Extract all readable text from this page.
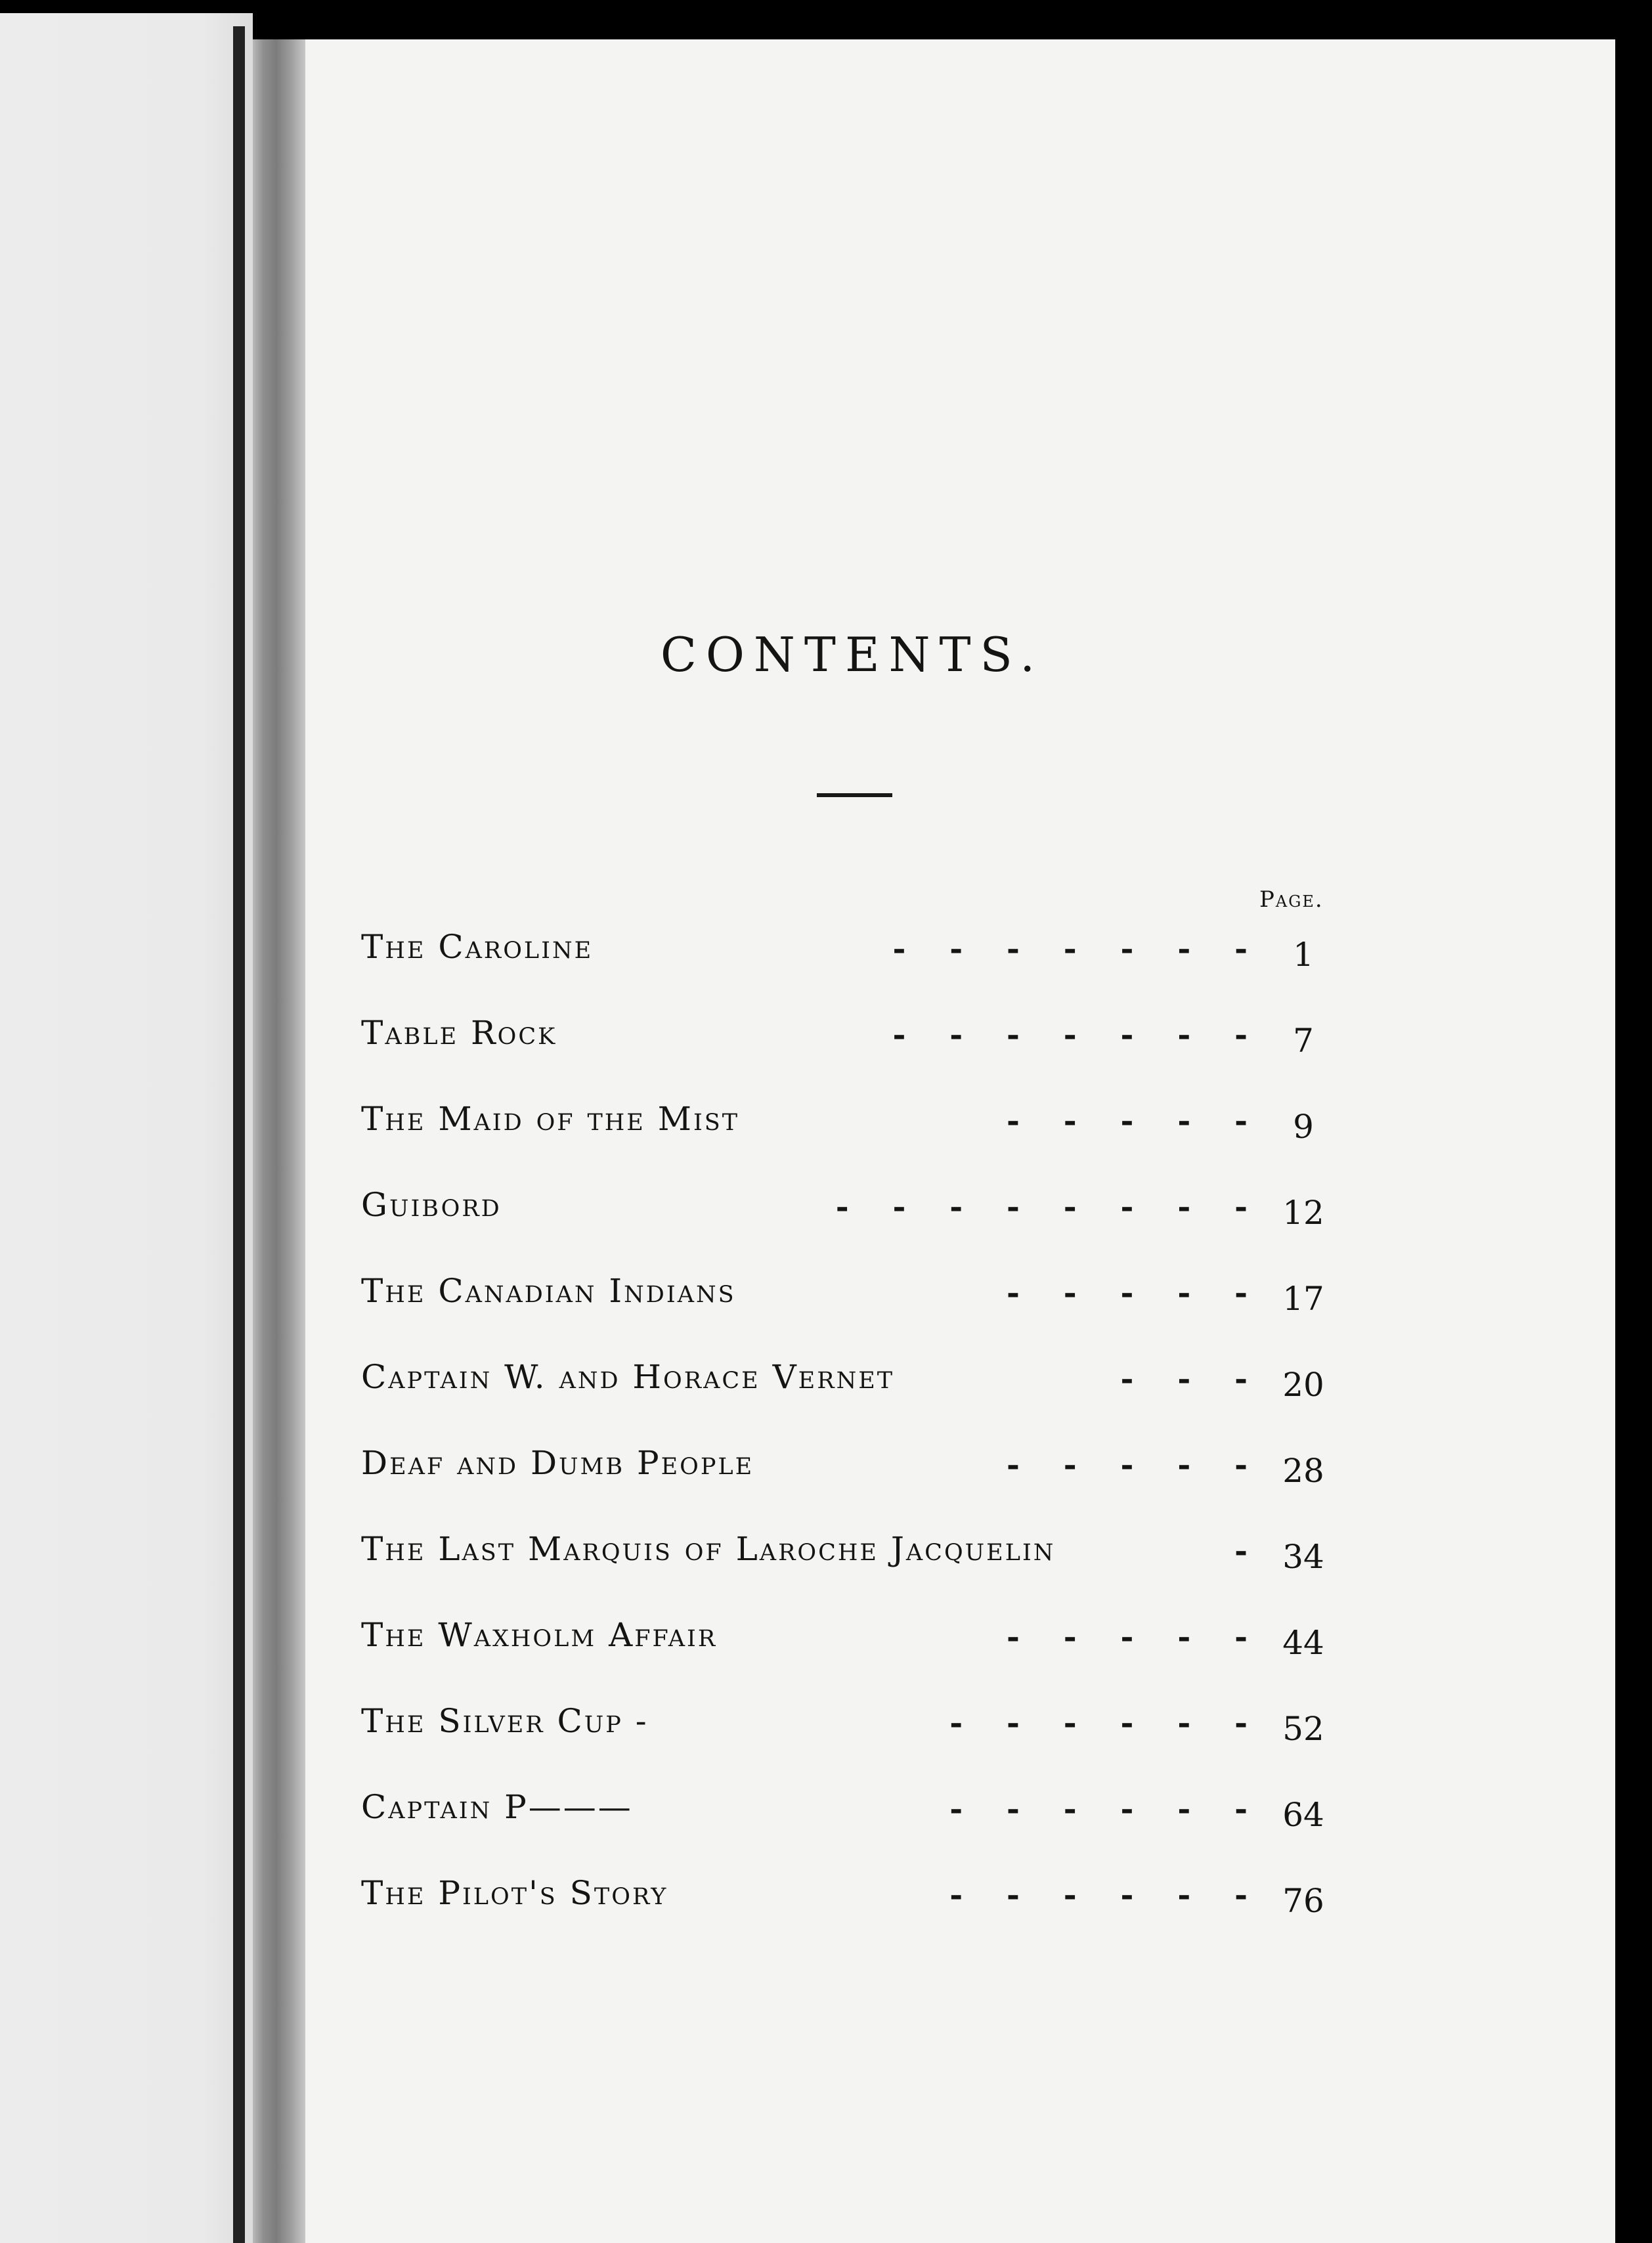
CONTENTS.
Page.
The Caroline	-    -    -    -    -    -    -	1
Table Rock	-    -    -    -    -    -    -	7
The Maid of the Mist	-    -    -    -    -	9
Guibord	-    -    -    -    -    -    -    -	12
The Canadian Indians	-    -    -    -    -	17
Captain W. and Horace Vernet	-    -    -	20
Deaf and Dumb People	-    -    -    -    -	28
The Last Marquis of Laroche Jacquelin	-	34
The Waxholm Affair	-    -    -    -    -	44
The Silver Cup -	-    -    -    -    -    -	52
Captain P———	-    -    -    -    -    -	64
The Pilot's Story	-    -    -    -    -    -	76
